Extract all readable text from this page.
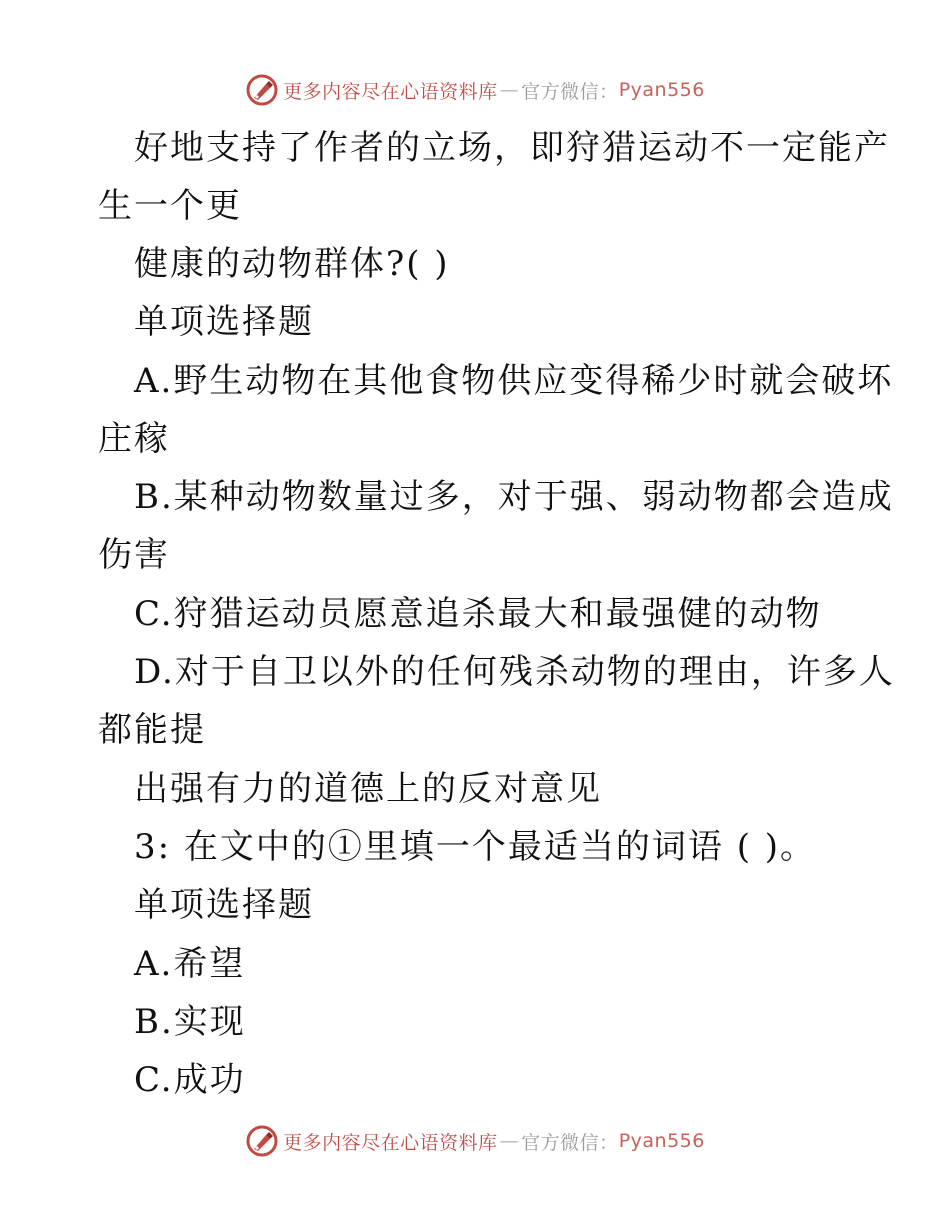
更多内容尽在心语资料库 — 官方微信： Pyan556
好地支持了作者的立场，即狩猎运动不一定能产
生一个更
健康的动物群体?( )
单项选择题
A.野生动物在其他食物供应变得稀少时就会破坏
庄稼
B.某种动物数量过多，对于强、弱动物都会造成
伤害
C.狩猎运动员愿意追杀最大和最强健的动物
D.对于自卫以外的任何残杀动物的理由，许多人
都能提
出强有力的道德上的反对意见
3: 在文中的①里填一个最适当的词语 ( )。
单项选择题
A.希望
B.实现
C.成功
更多内容尽在心语资料库 — 官方微信： Pyan556
